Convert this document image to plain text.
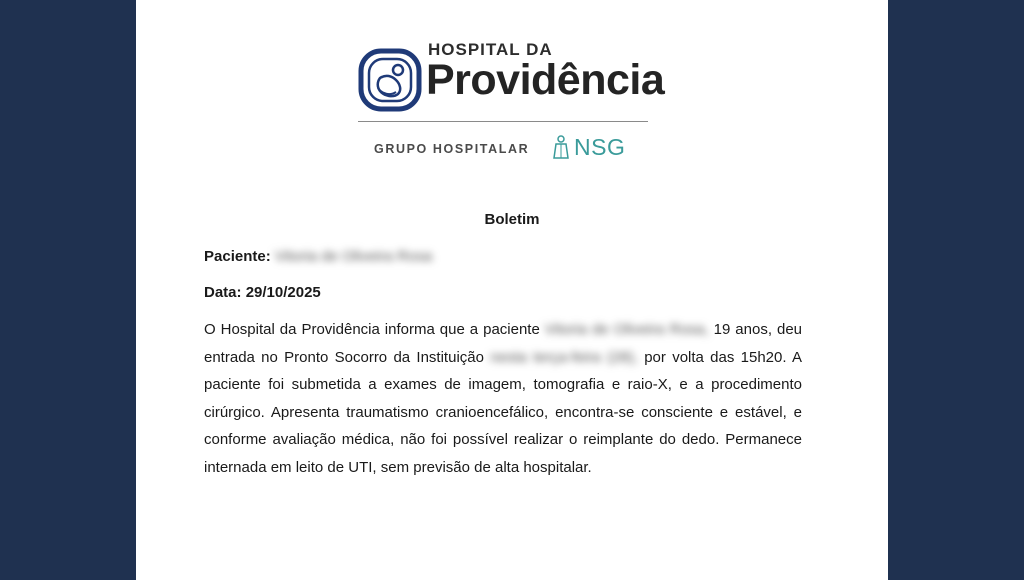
HOSPITAL DA
Providência
GRUPO HOSPITALAR NSG
Boletim
Paciente: Vitoria de Oliveira Rosa
Data: 29/10/2025
O Hospital da Providência informa que a paciente Vitoria de Oliveira Rosa, 19 anos, deu entrada no Pronto Socorro da Instituição nesta terça-feira (28), por volta das 15h20. A paciente foi submetida a exames de imagem, tomografia e raio-X, e a procedimento cirúrgico. Apresenta traumatismo cranioencefálico, encontra-se consciente e estável, e conforme avaliação médica, não foi possível realizar o reimplante do dedo. Permanece internada em leito de UTI, sem previsão de alta hospitalar.
